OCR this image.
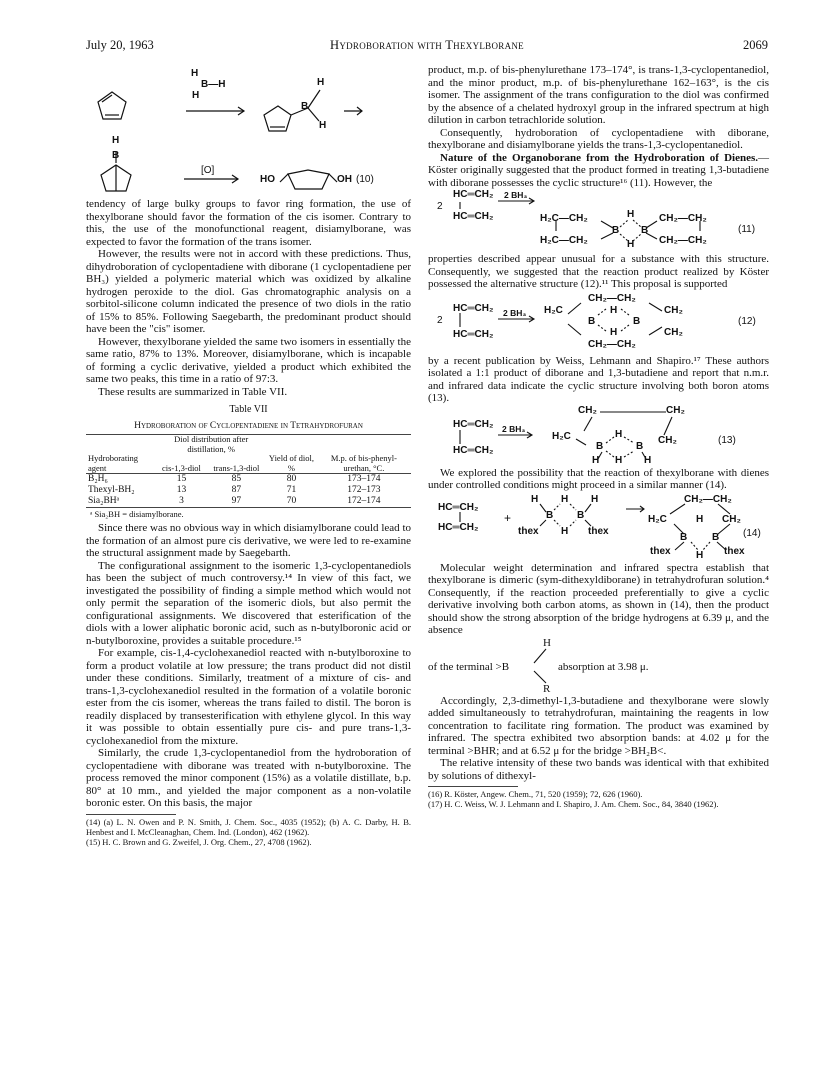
July 20, 1963	Hydroboration with Thexylborane	2069
H
B—H
H
H
B
H
H
B
[O]
HO	OH (10)

tendency of large bulky groups to favor ring formation, the use of thexylborane should favor the formation of the cis isomer. Contrary to this, the use of the monofunctional reagent, disiamylborane, was expected to favor the formation of the trans isomer.

However, the results were not in accord with these predictions. Thus, dihydroboration of cyclopentadiene with diborane (1 cyclopentadiene per BH₃) yielded a polymeric material which was oxidized by alkaline hydrogen peroxide to the diol. Gas chromatographic analysis on a sorbitol-silicone column indicated the presence of two diols in the ratio of 15% to 85%. Following Saegebarth, the predominant product should have been the "cis" isomer.

However, thexylborane yielded the same two isomers in essentially the same ratio, 87% to 13%. Moreover, disiamylborane, which is incapable of forming a cyclic derivative, yielded a product which exhibited the same two peaks, this time in a ratio of 97:3.

These results are summarized in Table VII.

Table VII
Hydroboration of Cyclopentadiene in Tetrahydrofuran
	Diol distribution after distillation, %			
Hydroborating agent	cis-1,3-diol	trans-1,3-diol	Yield of diol, %	M.p. of bis-phenyl-urethan, °C.
B₂H₆	15	85	80	173–174
Thexyl-BH₂	13	87	71	172–173
Sia₂BHᵃ	3	97	70	172–174
ᵃ Sia₂BH = disiamylborane.

Since there was no obvious way in which disiamylborane could lead to the formation of an almost pure cis derivative, we were led to re-examine the structural assignment made by Saegebarth.

The configurational assignment to the isomeric 1,3-cyclopentanediols has been the subject of much controversy.¹⁴ In view of this fact, we investigated the possibility of finding a simple method which would not only permit the separation of the isomeric diols, but also permit the configurational assignments. We discovered that esterification of the diols with a lower aliphatic boronic acid, such as n-butylboronic acid or n-butylboroxine, provides a suitable procedure.¹⁵

For example, cis-1,4-cyclohexanediol reacted with n-butylboroxine to form a product volatile at low pressure; the trans product did not distil under these conditions. Similarly, treatment of a mixture of cis- and trans-1,3-cyclohexanediol resulted in the formation of a volatile boronic ester from the cis isomer, whereas the trans failed to distil. The boron is readily displaced by transesterification with ethylene glycol. In this way it was possible to obtain essentially pure cis- and pure trans-1,3-cyclohexanediol from the mixture.

Similarly, the crude 1,3-cyclopentanediol from the hydroboration of cyclopentadiene with diborane was treated with n-butylboroxine. The process removed the minor component (15%) as a volatile distillate, b.p. 80° at 10 mm., and yielded the major component as a non-volatile boronic ester. On this basis, the major

(14) (a) L. N. Owen and P. N. Smith, J. Chem. Soc., 4035 (1952); (b) A. C. Darby, H. B. Henbest and I. McCleanaghan, Chem. Ind. (London), 462 (1962).
(15) H. C. Brown and G. Zweifel, J. Org. Chem., 27, 4708 (1962).

product, m.p. of bis-phenylurethane 173–174°, is trans-1,3-cyclopentanediol, and the minor product, m.p. of bis-phenylurethane 162–163°, is the cis isomer. The assignment of the trans configuration to the diol was confirmed by the absence of a chelated hydroxyl group in the infrared spectrum at high dilution in carbon tetrachloride solution.

Consequently, hydroboration of cyclopentadiene with diborane, thexylborane and disiamylborane yields the trans-1,3-cyclopentanediol.

Nature of the Organoborane from the Hydroboration of Dienes.—Köster originally suggested that the product formed in treating 1,3-butadiene with diborane possesses the cyclic structure¹⁶ (11). However, the

HC═CH₂
2
2 BH₃
HC═CH₂	H₂C—CH₂	H CH₂—CH₂
B B
H₂C—CH₂	H CH₂—CH₂
(11)

properties described appear unusual for a substance with this structure. Consequently, we suggested that the reaction product realized by Köster possessed the alternative structure (12).¹¹ This proposal is supported

CH₂—CH₂
HC═CH₂ 2 BH₃ H₂C	CH₂
H
2	B	B
H
HC═CH₂	CH₂
CH₂—CH₂
(12)

by a recent publication by Weiss, Lehmann and Shapiro.¹⁷ These authors isolated a 1:1 product of diborane and 1,3-butadiene and report that n.m.r. and infrared data indicate the cyclic structure involving both boron atoms (13).

CH₂	CH₂
HC═CH₂ 2 BH₃
H₂C	H
B	B
CH₂
HC═CH₂
H H H
(13)

We explored the possibility that the reaction of thexylborane with dienes under controlled conditions might proceed in a similar manner (14).

HC═CH₂
HC═CH₂
+
H H H
B B
thex H thex
CH₂—CH₂
H₂C	H CH₂
B B
thex	H thex
(14)

Molecular weight determination and infrared spectra establish that thexylborane is dimeric (sym-dithexyldiborane) in tetrahydrofuran solution.⁴ Consequently, if the reaction proceeded preferentially to give a cyclic derivative involving both carbon atoms, as shown in (14), then the product should show the strong absorption of the bridge hydrogens at 6.39 μ, and the absence

H
of the terminal >B	absorption at 3.98 μ.
R

Accordingly, 2,3-dimethyl-1,3-butadiene and thexylborane were slowly added simultaneously to tetrahydrofuran, maintaining the reagents in low concentration to facilitate ring formation. The product was examined by infrared. The spectra exhibited two absorption bands: at 4.02 μ for the terminal >BHR; and at 6.52 μ for the bridge >BH₂B<.

The relative intensity of these two bands was identical with that exhibited by solutions of dithexyl-

(16) R. Köster, Angew. Chem., 71, 520 (1959); 72, 626 (1960).
(17) H. C. Weiss, W. J. Lehmann and I. Shapiro, J. Am. Chem. Soc., 84, 3840 (1962).
